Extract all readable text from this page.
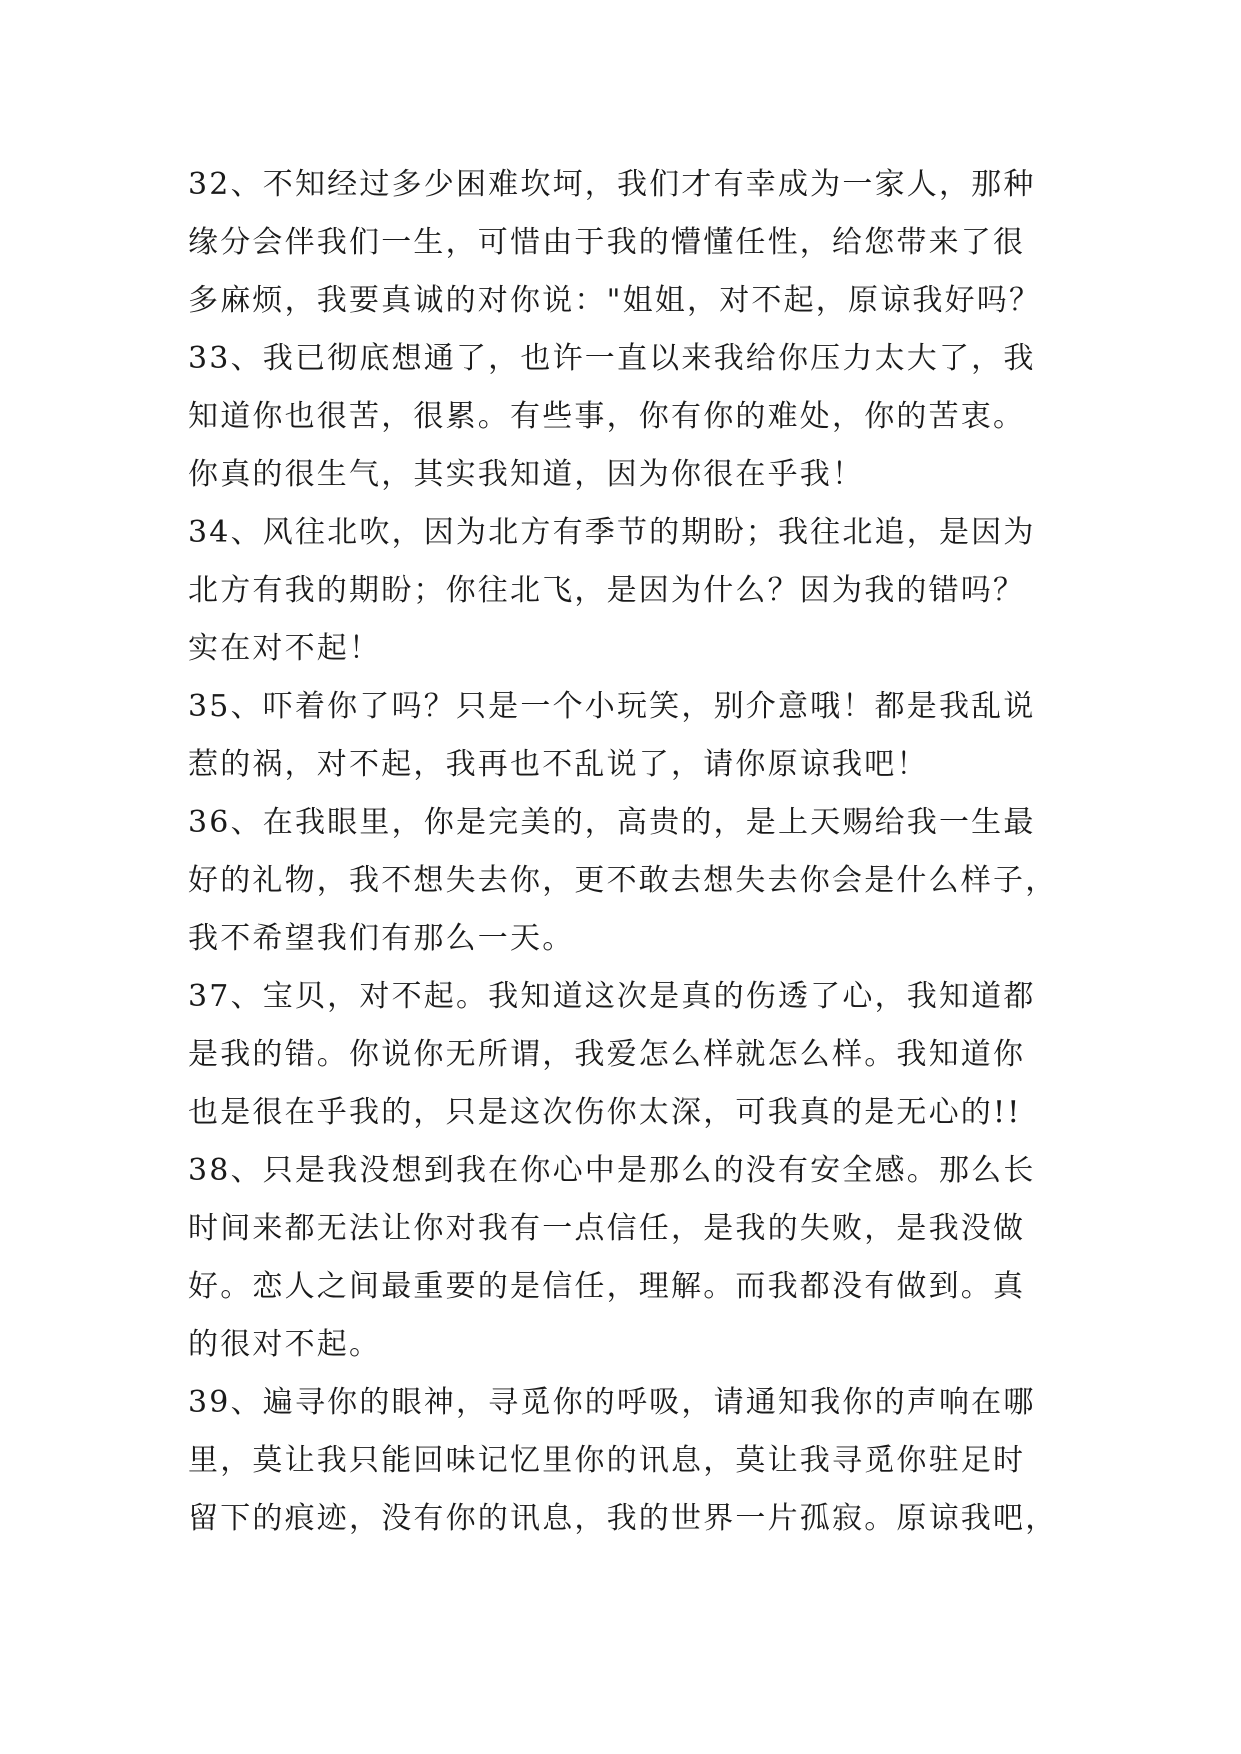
32、不知经过多少困难坎坷，我们才有幸成为一家人，那种
缘分会伴我们一生，可惜由于我的懵懂任性，给您带来了很
多麻烦，我要真诚的对你说："姐姐，对不起，原谅我好吗？
33、我已彻底想通了，也许一直以来我给你压力太大了，我
知道你也很苦，很累。有些事，你有你的难处，你的苦衷。
你真的很生气，其实我知道，因为你很在乎我！
34、风往北吹，因为北方有季节的期盼；我往北追，是因为
北方有我的期盼；你往北飞，是因为什么？因为我的错吗？
实在对不起！
35、吓着你了吗？只是一个小玩笑，别介意哦！都是我乱说
惹的祸，对不起，我再也不乱说了，请你原谅我吧！
36、在我眼里，你是完美的，高贵的，是上天赐给我一生最
好的礼物，我不想失去你，更不敢去想失去你会是什么样子，
我不希望我们有那么一天。
37、宝贝，对不起。我知道这次是真的伤透了心，我知道都
是我的错。你说你无所谓，我爱怎么样就怎么样。我知道你
也是很在乎我的，只是这次伤你太深，可我真的是无心的!!
38、只是我没想到我在你心中是那么的没有安全感。那么长
时间来都无法让你对我有一点信任，是我的失败，是我没做
好。恋人之间最重要的是信任，理解。而我都没有做到。真
的很对不起。
39、遍寻你的眼神，寻觅你的呼吸，请通知我你的声响在哪
里，莫让我只能回味记忆里你的讯息，莫让我寻觅你驻足时
留下的痕迹，没有你的讯息，我的世界一片孤寂。原谅我吧，
